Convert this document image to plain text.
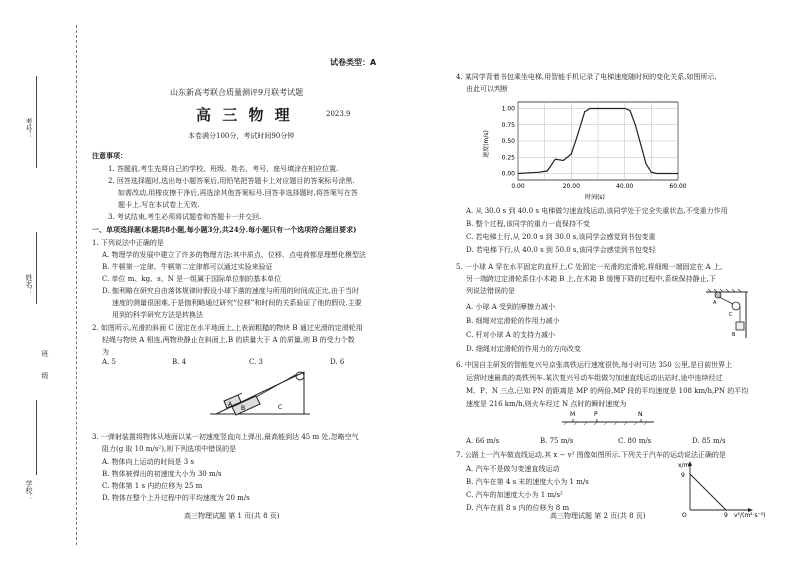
考号：
姓名：
班
级
学校：
试卷类型：A
山东新高考联合质量测评9月联考试题
高 三 物 理	2023.9
本卷满分100分，考试时间90分钟
注意事项：
1. 答题前,考生先将自己的学校、班级、姓名、考号、座号填涂在相应位置.
2. 回答选择题时,选出每小题答案后,用铅笔把答题卡上对应题目的答案标号涂黑.
如需改动,用橡皮擦干净后,再选涂其他答案标号.回答非选择题时,将答案写在答
题卡上.写在本试卷上无效.
3. 考试结束,考生必须将试题卷和答题卡一并交回.
一、单项选择题(本题共8小题,每小题3分,共24分.每小题只有一个选项符合题目要求)
1. 下列说法中正确的是
A. 物理学的发展中建立了许多的物理方法:其中质点、位移、点电荷都是理想化模型法
B. 牛顿第一定律、牛顿第二定律都可以通过实验来验证
C. 单位 m、kg、s、N 是一组属于国际单位制的基本单位
D. 伽利略在研究自由落体规律时假设小球下落的速度与所用的时间成正比,由于当时
速度的测量很困难,于是伽利略通过研究“位移”和时间的关系验证了他的假设.主要
用到的科学研究方法是转换法
2. 如图所示,光滑的斜面 C 固定在水平地面上,上表面粗糙的物块 B 通过光滑的定滑轮用
轻绳与物块 A 相连,两物块静止在斜面上,B 的质量大于 A 的质量,则 B 的受力个数
为
A. 5	B. 4	C. 3	D. 6
A
B	C
3. 一弹射装置将物体从地面以某一初速度竖直向上弹出,最高能到达 45 m 处,忽略空气
阻力(g 取 10 m/s²),则下列选项中错误的是
A. 物体向上运动的时间是 3 s
B. 物体被弹出的初速度大小为 30 m/s
C. 物体第 1 s 内的位移为 25 m
D. 物体在整个上升过程中的平均速度为 20 m/s
高三物理试题 第 1 页(共 8 页)
4. 某同学背着书包乘坐电梯,用智能手机记录了电梯速度随时间的变化关系,如图所示,
由此可以判断
0.00	20.00	40.00	60.00
0.00
0.25
0.50
0.75
1.00
速度(m/s)
时间(s)
A. 从 30.0 s 到 40.0 s 电梯做匀速直线运动,该同学处于完全失重状态,不受重力作用
B. 整个过程,该同学的重力一直保持不变
C. 若电梯上行,从 20.0 s 到 30.0 s,该同学会感觉到书包变重
D. 若电梯下行,从 40.0 s 到 50.0 s,该同学会感觉到书包变轻
5. 一小球 A 穿在水平固定的直杆上,C 处固定一光滑的定滑轮,将细绳一端固定在 A 上,
另一端跨过定滑轮系住小木箱 B 上,在木箱 B 缓慢下降的过程中,系统保持静止,下
列说法错误的是
A. 小球 A 受到的摩擦力减小
B. 细绳对定滑轮的作用力减小
C. 杆对小球 A 的支持力减小
D. 细绳对定滑轮的作用力的方向改变
A
C
B
6. 中国自主研发的智能复兴号京张高铁运行速度很快,每小时可达 350 公里,是目前世界上
运营时速最高的高铁列车.某次复兴号动车组做匀加速直线运动出站时,途中连续经过
M、P、N 三点,已知 PN 的距离是 MP 的两倍,MP 段的平均速度是 108 km/h,PN 的平均
速度是 216 km/h,则火车经过 N 点时的瞬时速度为
M	P	N
A. 66 m/s	B. 75 m/s	C. 80 m/s	D. 85 m/s
7. 公路上一汽车做直线运动,其 x − v² 图像如图所示.下列关于汽车的运动说法正确的是
A. 汽车不是做匀变速直线运动
B. 汽车在第 4 s 末的速度大小为 1 m/s
C. 汽车的加速度大小为 1 m/s²
D. 汽车在前 8 s 内的位移为 8 m
x/m
9
O	9 v²/(m²·s⁻²)
高三物理试题 第 2 页(共 8 页)
